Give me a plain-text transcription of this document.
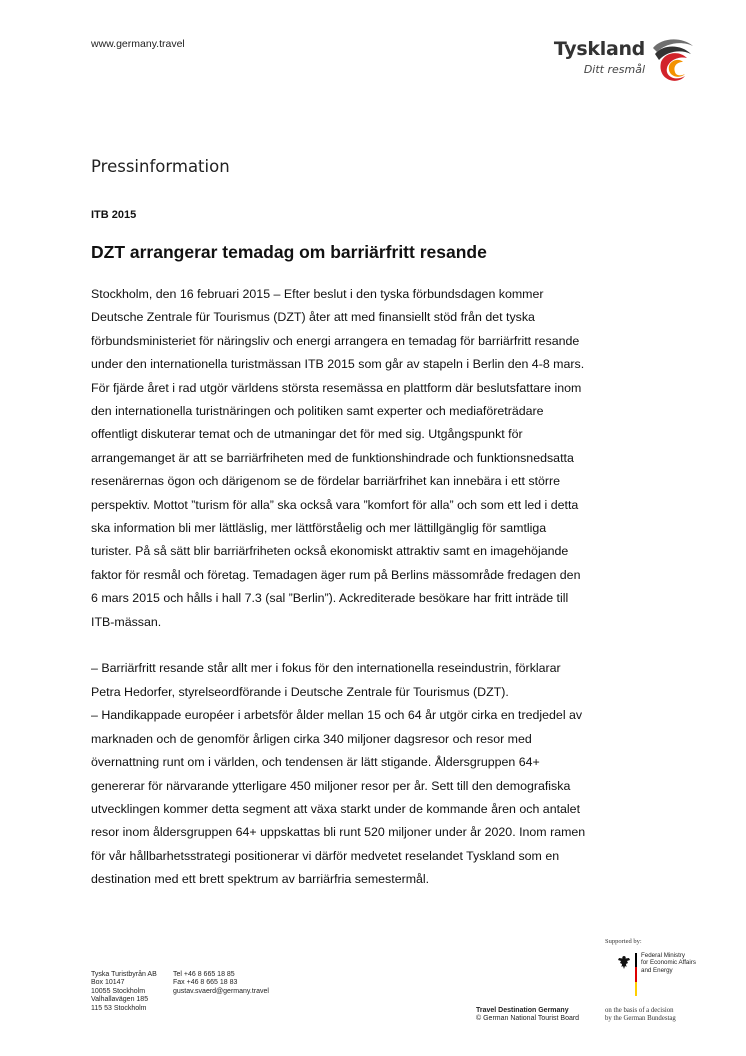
www.germany.travel	Tyskland
Ditt resmål
Pressinformation
ITB 2015
DZT arrangerar temadag om barriärfritt resande

Stockholm, den 16 februari 2015 – Efter beslut i den tyska förbundsdagen kommer

Deutsche Zentrale für Tourismus (DZT) åter att med finansiellt stöd från det tyska

förbundsministeriet för näringsliv och energi arrangera en temadag för barriärfritt resande

under den internationella turistmässan ITB 2015 som går av stapeln i Berlin den 4-8 mars.

För fjärde året i rad utgör världens största resemässa en plattform där beslutsfattare inom

den internationella turistnäringen och politiken samt experter och mediaföreträdare

offentligt diskuterar temat och de utmaningar det för med sig. Utgångspunkt för

arrangemanget är att se barriärfriheten med de funktionshindrade och funktionsnedsatta

resenärernas ögon och därigenom se de fördelar barriärfrihet kan innebära i ett större

perspektiv. Mottot ”turism för alla” ska också vara ”komfort för alla” och som ett led i detta

ska information bli mer lättläslig, mer lättförståelig och mer lättillgänglig för samtliga

turister. På så sätt blir barriärfriheten också ekonomiskt attraktiv samt en imagehöjande

faktor för resmål och företag. Temadagen äger rum på Berlins mässområde fredagen den

6 mars 2015 och hålls i hall 7.3 (sal ”Berlin”). Ackrediterade besökare har fritt inträde till

ITB-mässan.

– Barriärfritt resande står allt mer i fokus för den internationella reseindustrin, förklarar

Petra Hedorfer, styrelseordförande i Deutsche Zentrale für Tourismus (DZT).

– Handikappade européer i arbetsför ålder mellan 15 och 64 år utgör cirka en tredjedel av

marknaden och de genomför årligen cirka 340 miljoner dagsresor och resor med

övernattning runt om i världen, och tendensen är lätt stigande. Åldersgruppen 64+

genererar för närvarande ytterligare 450 miljoner resor per år. Sett till den demografiska

utvecklingen kommer detta segment att växa starkt under de kommande åren och antalet

resor inom åldersgruppen 64+ uppskattas bli runt 520 miljoner under år 2020. Inom ramen

för vår hållbarhetsstrategi positionerar vi därför medvetet reselandet Tyskland som en

destination med ett brett spektrum av barriärfria semestermål.

Tyska Turistbyrån AB
Box 10147
10055 Stockholm
Valhallavägen 185
115 53 Stockholm
Tel +46 8 665 18 85
Fax +46 8 665 18 83
gustav.svaerd@germany.travel
Supported by:
Federal Ministry
for Economic Affairs
and Energy
Travel Destination Germany
© German National Tourist Board
on the basis of a decision
by the German Bundestag
